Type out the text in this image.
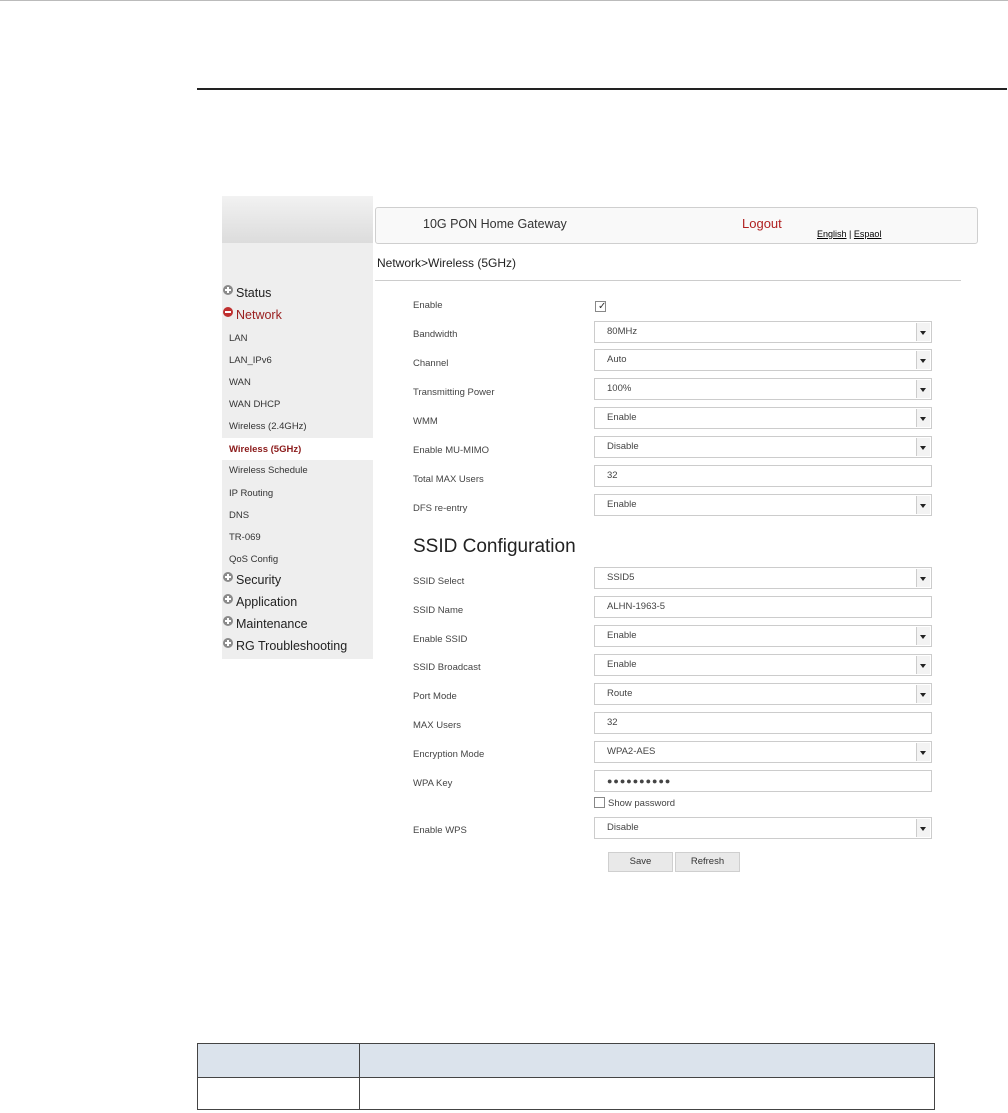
Status
Network
LAN
LAN_IPv6
WAN
WAN DHCP
Wireless (2.4GHz)
Wireless (5GHz)
Wireless Schedule
IP Routing
DNS
TR-069
QoS Config
Security
Application
Maintenance
RG Troubleshooting
10G PON Home Gateway	Logout
English | Espaol
Network>Wireless (5GHz)
Enable	✓
Bandwidth	80MHz
Channel	Auto
Transmitting Power	100%
WMM	Enable
Enable MU-MIMO	Disable
Total MAX Users	32
DFS re-entry	Enable
SSID Configuration
SSID Select	SSID5
SSID Name	ALHN-1963-5
Enable SSID	Enable
SSID Broadcast	Enable
Port Mode	Route
MAX Users	32
Encryption Mode	WPA2-AES
WPA Key	●●●●●●●●●●
Show password
Enable WPS	Disable
Save	Refresh
